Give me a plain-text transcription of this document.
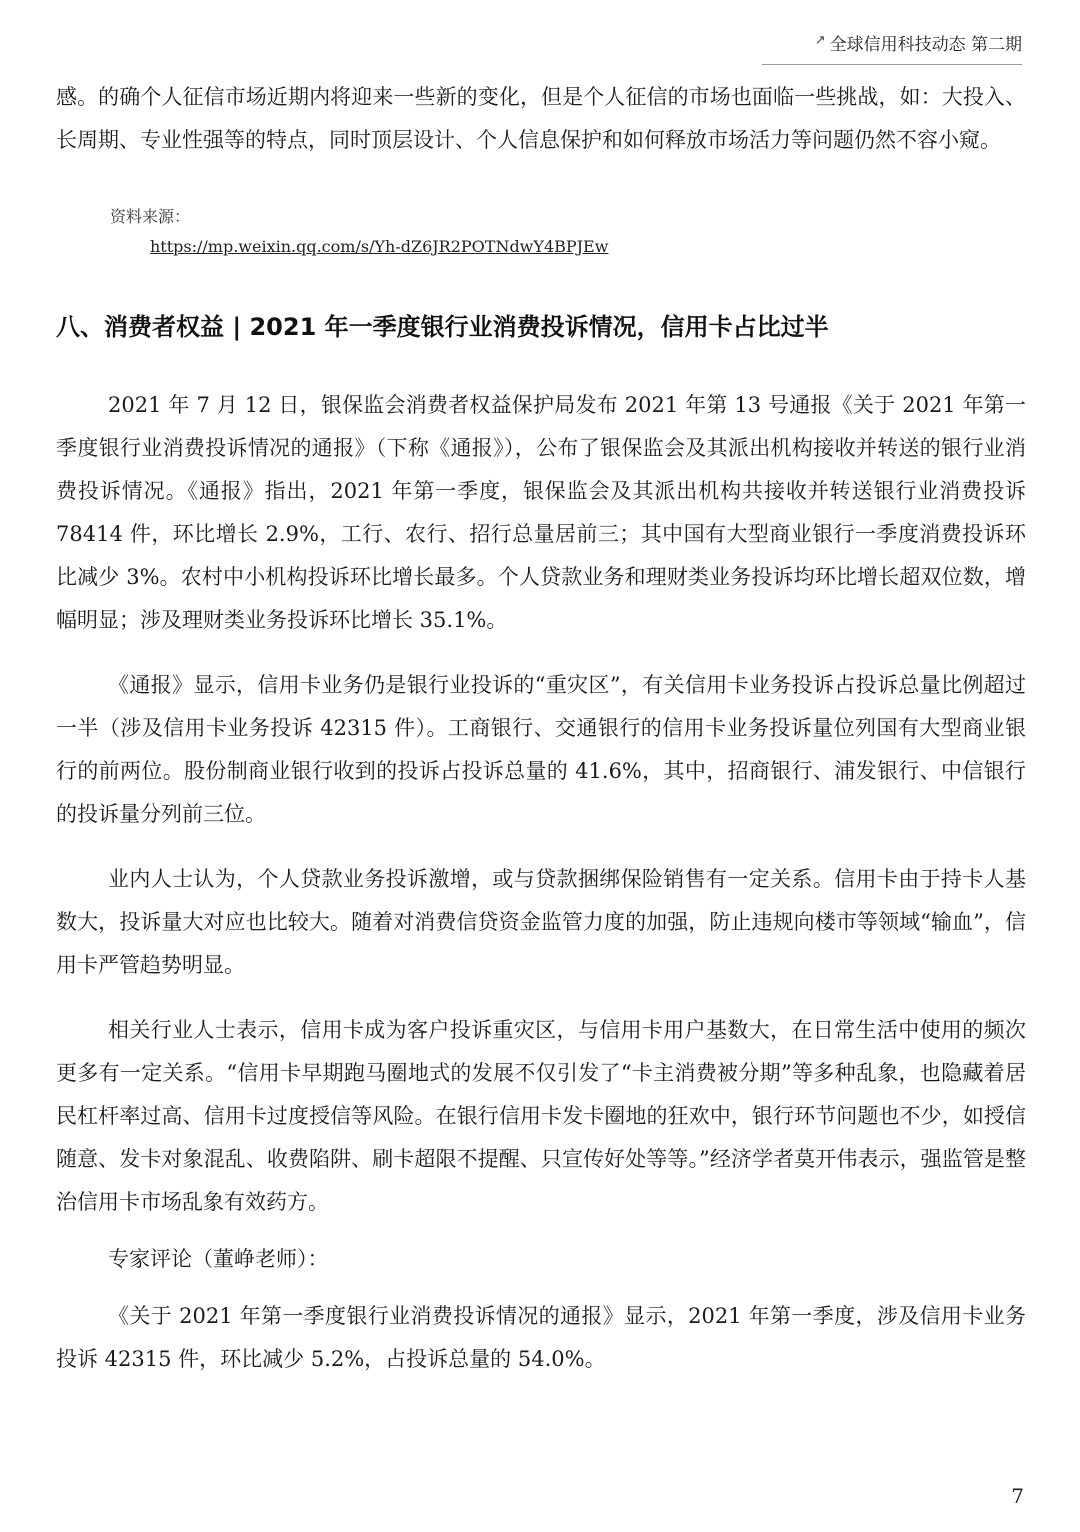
↗ 全球信用科技动态 第二期

感。的确个人征信市场近期内将迎来一些新的变化，但是个人征信的市场也面临一些挑战，如：大投入、长周期、专业性强等的特点，同时顶层设计、个人信息保护和如何释放市场活力等问题仍然不容小窥。

资料来源：
https://mp.weixin.qq.com/s/Yh-dZ6JR2POTNdwY4BPJEw
八、消费者权益 | 2021 年一季度银行业消费投诉情况，信用卡占比过半

2021 年 7 月 12 日，银保监会消费者权益保护局发布 2021 年第 13 号通报《关于 2021 年第一季度银行业消费投诉情况的通报》（下称《通报》），公布了银保监会及其派出机构接收并转送的银行业消费投诉情况。《通报》指出，2021 年第一季度，银保监会及其派出机构共接收并转送银行业消费投诉 78414 件，环比增长 2.9%，工行、农行、招行总量居前三；其中国有大型商业银行一季度消费投诉环比减少 3%。农村中小机构投诉环比增长最多。个人贷款业务和理财类业务投诉均环比增长超双位数，增幅明显；涉及理财类业务投诉环比增长 35.1%。

《通报》显示，信用卡业务仍是银行业投诉的“重灾区”，有关信用卡业务投诉占投诉总量比例超过一半（涉及信用卡业务投诉 42315 件）。工商银行、交通银行的信用卡业务投诉量位列国有大型商业银行的前两位。股份制商业银行收到的投诉占投诉总量的 41.6%，其中，招商银行、浦发银行、中信银行的投诉量分列前三位。

业内人士认为，个人贷款业务投诉激增，或与贷款捆绑保险销售有一定关系。信用卡由于持卡人基数大，投诉量大对应也比较大。随着对消费信贷资金监管力度的加强，防止违规向楼市等领域“输血”，信用卡严管趋势明显。

相关行业人士表示，信用卡成为客户投诉重灾区，与信用卡用户基数大，在日常生活中使用的频次更多有一定关系。“信用卡早期跑马圈地式的发展不仅引发了“卡主消费被分期”等多种乱象，也隐藏着居民杠杆率过高、信用卡过度授信等风险。在银行信用卡发卡圈地的狂欢中，银行环节问题也不少，如授信随意、发卡对象混乱、收费陷阱、刷卡超限不提醒、只宣传好处等等。”经济学者莫开伟表示，强监管是整治信用卡市场乱象有效药方。

专家评论（董峥老师）：

《关于 2021 年第一季度银行业消费投诉情况的通报》显示，2021 年第一季度，涉及信用卡业务投诉 42315 件，环比减少 5.2%，占投诉总量的 54.0%。

7
